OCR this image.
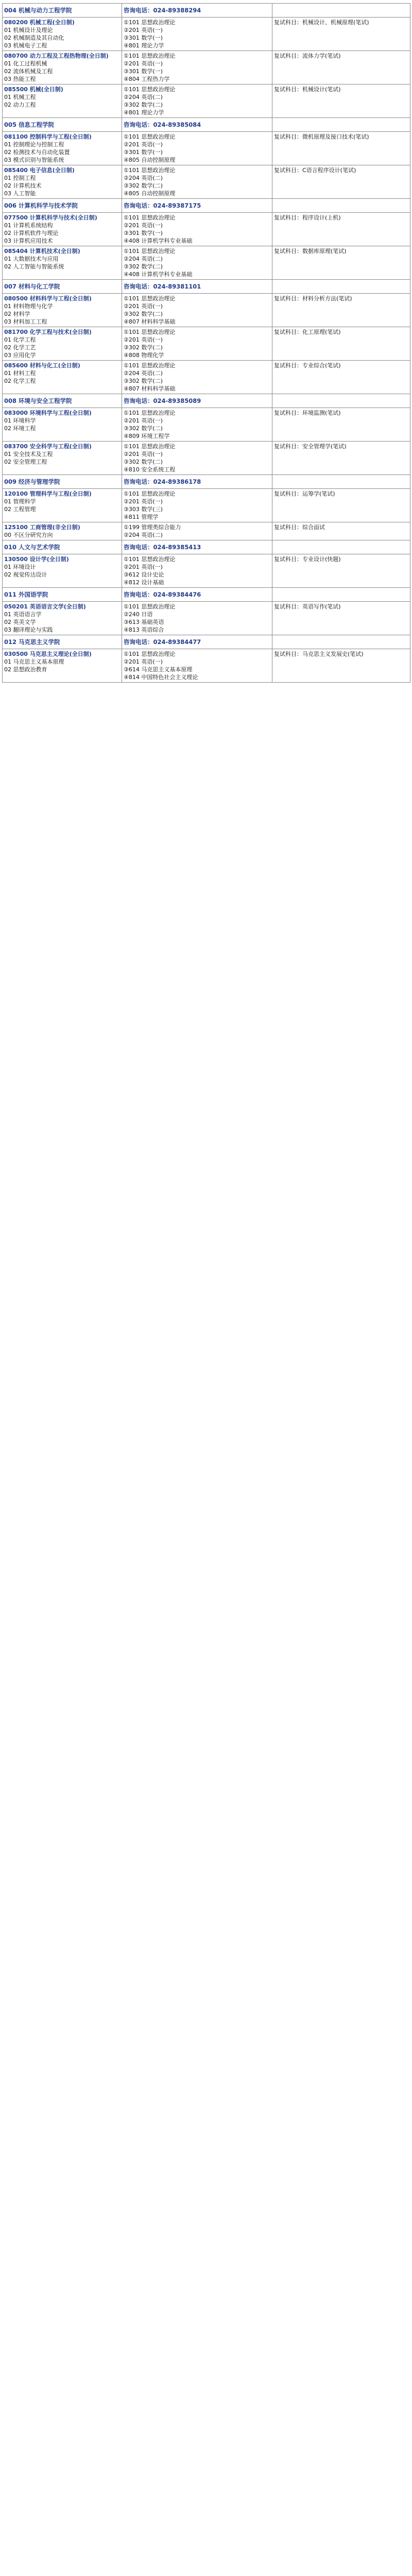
004 机械与动力工程学院	咨询电话：024-89388294	

080200 机械工程(全日制)
01 机械设计及理论
02 机械制造及其自动化
03 机械电子工程	①101 思想政治理论
②201 英语(一)
③301 数学(一)
④801 理论力学	复试科目：机械设计、机械原理(笔试)

080700 动力工程及工程热物理(全日制)
01 化工过程机械
02 流体机械及工程
03 热能工程	①101 思想政治理论
②201 英语(一)
③301 数学(一)
④804 工程热力学	复试科目：流体力学(笔试)

085500 机械(全日制)
01 机械工程
02 动力工程	①101 思想政治理论
②204 英语(二)
③302 数学(二)
④801 理论力学	复试科目：机械设计(笔试)

005 信息工程学院	咨询电话：024-89385084	

081100 控制科学与工程(全日制)
01 控制理论与控制工程
02 检测技术与自动化装置
03 模式识别与智能系统	①101 思想政治理论
②201 英语(一)
③301 数学(一)
④805 自动控制原理	复试科目：微机原理及接口技术(笔试)

085400 电子信息(全日制)
01 控制工程
02 计算机技术
03 人工智能	①101 思想政治理论
②204 英语(二)
③302 数学(二)
④805 自动控制原理	复试科目：C语言程序设计(笔试)

006 计算机科学与技术学院	咨询电话：024-89387175	

077500 计算机科学与技术(全日制)
01 计算机系统结构
02 计算机软件与理论
03 计算机应用技术	①101 思想政治理论
②201 英语(一)
③301 数学(一)
④408 计算机学科专业基础	复试科目：程序设计(上机)

085404 计算机技术(全日制)
01 大数据技术与应用
02 人工智能与智能系统	①101 思想政治理论
②204 英语(二)
③302 数学(二)
④408 计算机学科专业基础	复试科目：数据库原理(笔试)

007 材料与化工学院	咨询电话：024-89381101	

080500 材料科学与工程(全日制)
01 材料物理与化学
02 材料学
03 材料加工工程	①101 思想政治理论
②201 英语(一)
③302 数学(二)
④807 材料科学基础	复试科目：材料分析方法(笔试)

081700 化学工程与技术(全日制)
01 化学工程
02 化学工艺
03 应用化学	①101 思想政治理论
②201 英语(一)
③302 数学(二)
④808 物理化学	复试科目：化工原理(笔试)

085600 材料与化工(全日制)
01 材料工程
02 化学工程	①101 思想政治理论
②204 英语(二)
③302 数学(二)
④807 材料科学基础	复试科目：专业综合(笔试)

008 环境与安全工程学院	咨询电话：024-89385089	

083000 环境科学与工程(全日制)
01 环境科学
02 环境工程	①101 思想政治理论
②201 英语(一)
③302 数学(二)
④809 环境工程学	复试科目：环境监测(笔试)

083700 安全科学与工程(全日制)
01 安全技术及工程
02 安全管理工程	①101 思想政治理论
②201 英语(一)
③302 数学(二)
④810 安全系统工程	复试科目：安全管理学(笔试)

009 经济与管理学院	咨询电话：024-89386178	

120100 管理科学与工程(全日制)
01 管理科学
02 工程管理	①101 思想政治理论
②201 英语(一)
③303 数学(三)
④811 管理学	复试科目：运筹学(笔试)

125100 工商管理(非全日制)
00 不区分研究方向	①199 管理类综合能力
②204 英语(二)	复试科目：综合面试

010 人文与艺术学院	咨询电话：024-89385413	

130500 设计学(全日制)
01 环境设计
02 视觉传达设计	①101 思想政治理论
②201 英语(一)
③612 设计史论
④812 设计基础	复试科目：专业设计(快题)

011 外国语学院	咨询电话：024-89384476	

050201 英语语言文学(全日制)
01 英语语言学
02 英美文学
03 翻译理论与实践	①101 思想政治理论
②240 日语
③613 基础英语
④813 英语综合	复试科目：英语写作(笔试)

012 马克思主义学院	咨询电话：024-89384477	

030500 马克思主义理论(全日制)
01 马克思主义基本原理
02 思想政治教育	①101 思想政治理论
②201 英语(一)
③614 马克思主义基本原理
④814 中国特色社会主义理论	复试科目：马克思主义发展史(笔试)
